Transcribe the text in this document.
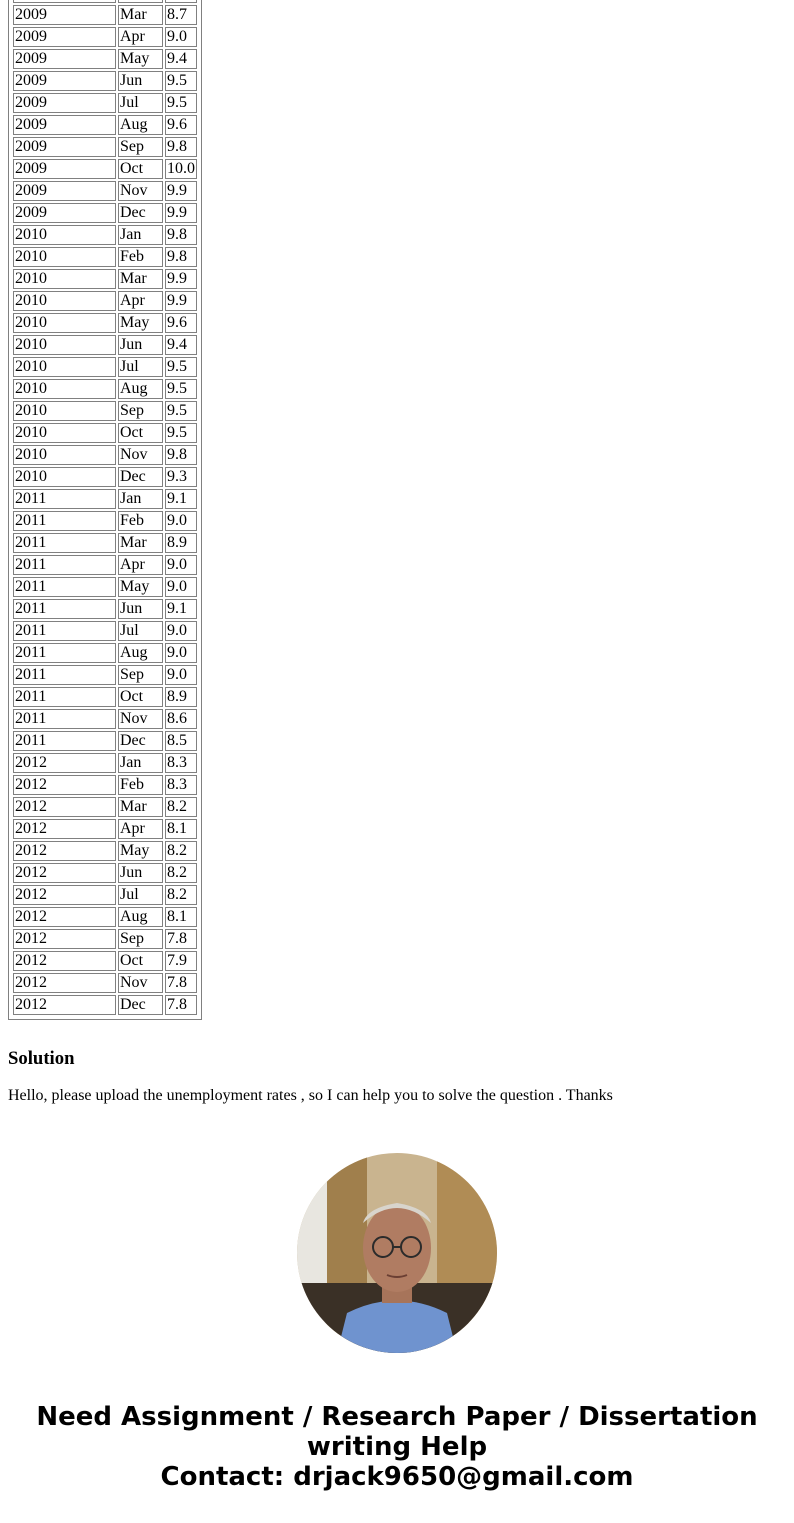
2009	Mar	8.7
2009	Apr	9.0
2009	May	9.4
2009	Jun	9.5
2009	Jul	9.5
2009	Aug	9.6
2009	Sep	9.8
2009	Oct	10.0
2009	Nov	9.9
2009	Dec	9.9
2010	Jan	9.8
2010	Feb	9.8
2010	Mar	9.9
2010	Apr	9.9
2010	May	9.6
2010	Jun	9.4
2010	Jul	9.5
2010	Aug	9.5
2010	Sep	9.5
2010	Oct	9.5
2010	Nov	9.8
2010	Dec	9.3
2011	Jan	9.1
2011	Feb	9.0
2011	Mar	8.9
2011	Apr	9.0
2011	May	9.0
2011	Jun	9.1
2011	Jul	9.0
2011	Aug	9.0
2011	Sep	9.0
2011	Oct	8.9
2011	Nov	8.6
2011	Dec	8.5
2012	Jan	8.3
2012	Feb	8.3
2012	Mar	8.2
2012	Apr	8.1
2012	May	8.2
2012	Jun	8.2
2012	Jul	8.2
2012	Aug	8.1
2012	Sep	7.8
2012	Oct	7.9
2012	Nov	7.8
2012	Dec	7.8
Solution

Hello, please upload the unemployment rates , so I can help you to solve the question . Thanks

Need Assignment / Research Paper / Dissertation
writing Help
Contact: drjack9650@gmail.com
